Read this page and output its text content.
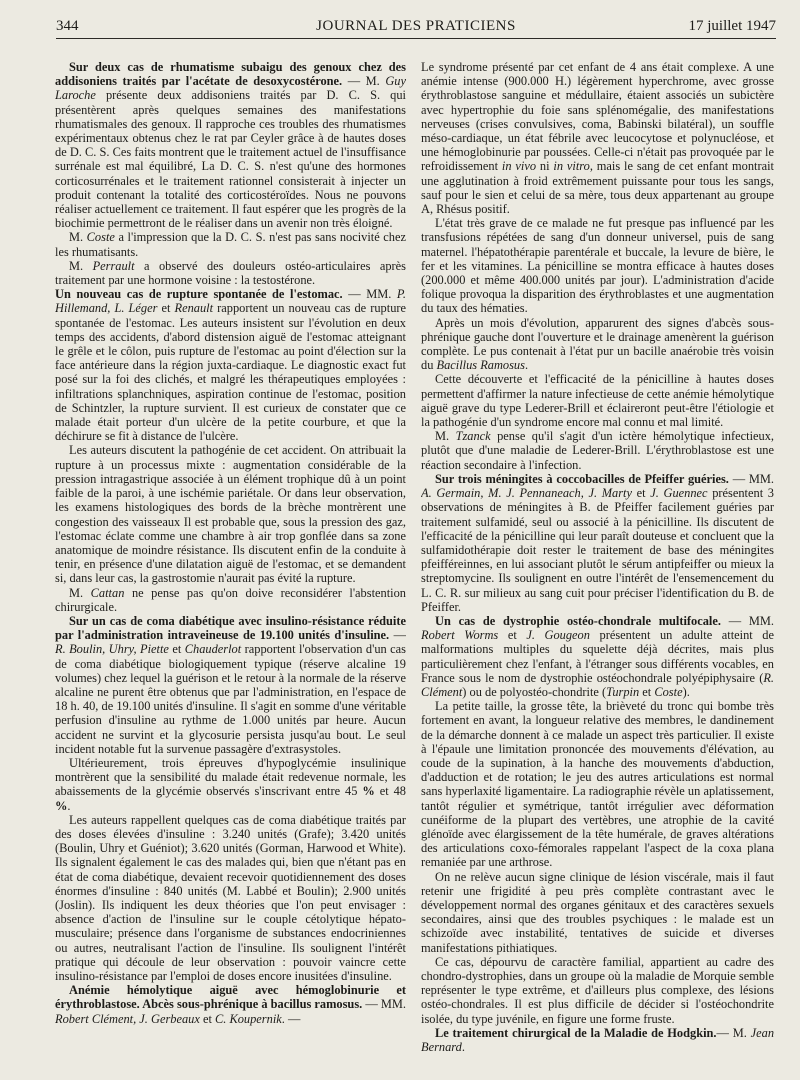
344	JOURNAL DES PRATICIENS	17 juillet 1947

Sur deux cas de rhumatisme subaigu des genoux chez des addisoniens traités par l'acétate de desoxycostérone. — M. Guy Laroche présente deux addisoniens traités par D. C. S. qui présentèrent après quelques semaines des manifestations rhumatismales des genoux. Il rapproche ces troubles des rhumatismes expérimentaux obtenus chez le rat par Ceyler grâce à de hautes doses de D. C. S. Ces faits montrent que le traitement actuel de l'insuffisance surrénale est mal équilibré, La D. C. S. n'est qu'une des hormones corticosurrénales et le traitement rationnel consisterait à injecter un produit contenant la totalité des corticostéroïdes. Nous ne pouvons réaliser actuellement ce traitement. Il faut espérer que les progrès de la biochimie permettront de le réaliser dans un avenir non très éloigné.

M. Coste a l'impression que la D. C. S. n'est pas sans nocivité chez les rhumatisants.

M. Perrault a observé des douleurs ostéo-articulaires après traitement par une hormone voisine : la testostérone.

Un nouveau cas de rupture spontanée de l'estomac. — MM. P. Hillemand, L. Léger et Renault rapportent un nouveau cas de rupture spontanée de l'estomac. Les auteurs insistent sur l'évolution en deux temps des accidents, d'abord distension aiguë de l'estomac atteignant le grêle et le côlon, puis rupture de l'estomac au point d'élection sur la face antérieure dans la région juxta-cardiaque. Le diagnostic exact fut posé sur la foi des clichés, et malgré les thérapeutiques employées : infiltrations splanchniques, aspiration continue de l'estomac, position de Schintzler, la rupture survient. Il est curieux de constater que ce malade était porteur d'un ulcère de la petite courbure, et que la déchirure se fit à distance de l'ulcère.

Les auteurs discutent la pathogénie de cet accident. On attribuait la rupture à un processus mixte : augmentation considérable de la pression intragastrique associée à un élément trophique dû à un point faible de la paroi, à une ischémie pariétale. Or dans leur observation, les examens histologiques des bords de la brèche montrèrent une congestion des vaisseaux Il est probable que, sous la pression des gaz, l'estomac éclate comme une chambre à air trop gonflée dans sa zone anatomique de moindre résistance. Ils discutent enfin de la conduite à tenir, en présence d'une dilatation aiguë de l'estomac, et se demandent si, dans leur cas, la gastrostomie n'aurait pas évité la rupture.

M. Cattan ne pense pas qu'on doive reconsidérer l'abstention chirurgicale.

Sur un cas de coma diabétique avec insulino-résistance réduite par l'administration intraveineuse de 19.100 unités d'insuline. — R. Boulin, Uhry, Piette et Chauderlot rapportent l'observation d'un cas de coma diabétique biologiquement typique (réserve alcaline 19 volumes) chez lequel la guérison et le retour à la normale de la réserve alcaline ne purent être obtenus que par l'administration, en l'espace de 18 h. 40, de 19.100 unités d'insuline. Il s'agit en somme d'une véritable perfusion d'insuline au rythme de 1.000 unités par heure. Aucun accident ne survint et la glycosurie persista jusqu'au bout. Le seul incident notable fut la survenue passagère d'extrasystoles.

Ultérieurement, trois épreuves d'hypoglycémie insulinique montrèrent que la sensibilité du malade était redevenue normale, les abaissements de la glycémie observés s'inscrivant entre 45 % et 48 %.

Les auteurs rappellent quelques cas de coma diabétique traités par des doses élevées d'insuline : 3.240 unités (Grafe); 3.420 unités (Boulin, Uhry et Guéniot); 3.620 unités (Gorman, Harwood et White). Ils signalent également le cas des malades qui, bien que n'étant pas en état de coma diabétique, devaient recevoir quotidiennement des doses énormes d'insuline : 840 unités (M. Labbé et Boulin); 2.900 unités (Joslin). Ils indiquent les deux théories que l'on peut envisager : absence d'action de l'insuline sur le couple cétolytique hépato-musculaire; présence dans l'organisme de substances endocriniennes ou autres, neutralisant l'action de l'insuline. Ils soulignent l'intérêt pratique qui découle de leur observation : pouvoir vaincre cette insulino-résistance par l'emploi de doses encore inusitées d'insuline.

Anémie hémolytique aiguë avec hémoglobinurie et érythroblastose. Abcès sous-phrénique à bacillus ramosus. — MM. Robert Clément, J. Gerbeaux et C. Koupernik. —

Le syndrome présenté par cet enfant de 4 ans était complexe. A une anémie intense (900.000 H.) légèrement hyperchrome, avec grosse érythroblastose sanguine et médullaire, étaient associés un subictère avec hypertrophie du foie sans splénomégalie, des manifestations nerveuses (crises convulsives, coma, Babinski bilatéral), un souffle méso-cardiaque, un état fébrile avec leucocytose et polynucléose, et une hémoglobinurie par poussées. Celle-ci n'était pas provoquée par le refroidissement in vivo ni in vitro, mais le sang de cet enfant montrait une agglutination à froid extrêmement puissante pour tous les sangs, sauf pour le sien et celui de sa mère, tous deux appartenant au groupe A, Rhésus positif.

L'état très grave de ce malade ne fut presque pas influencé par les transfusions répétées de sang d'un donneur universel, puis de sang maternel. l'hépatothérapie parentérale et buccale, la levure de bière, le fer et les vitamines. La pénicilline se montra efficace à hautes doses (200.000 et même 400.000 unités par jour). L'administration d'acide folique provoqua la disparition des érythroblastes et une augmentation du taux des hématies.

Après un mois d'évolution, apparurent des signes d'abcès sous-phrénique gauche dont l'ouverture et le drainage amenèrent la guérison complète. Le pus contenait à l'état pur un bacille anaérobie très voisin du Bacillus Ramosus.

Cette découverte et l'efficacité de la pénicilline à hautes doses permettent d'affirmer la nature infectieuse de cette anémie hémolytique aiguë grave du type Lederer-Brill et éclaireront peut-être l'étiologie et la pathogénie d'un syndrome encore mal connu et mal limité.

M. Tzanck pense qu'il s'agit d'un ictère hémolytique infectieux, plutôt que d'une maladie de Lederer-Brill. L'érythroblastose est une réaction secondaire à l'infection.

Sur trois méningites à coccobacilles de Pfeiffer guéries. — MM. A. Germain, M. J. Pennaneach, J. Marty et J. Guennec présentent 3 observations de méningites à B. de Pfeiffer facilement guéries par traitement sulfamidé, seul ou associé à la pénicilline. Ils discutent de l'efficacité de la pénicilline qui leur paraît douteuse et concluent que la sulfamidothérapie doit rester le traitement de base des méningites pfeifféreinnes, en lui associant plutôt le sérum antipfeiffer ou mieux la streptomycine. Ils soulignent en outre l'intérêt de l'ensemencement du L. C. R. sur milieux au sang cuit pour préciser l'identification du B. de Pfeiffer.

Un cas de dystrophie ostéo-chondrale multifocale. — MM. Robert Worms et J. Gougeon présentent un adulte atteint de malformations multiples du squelette déjà décrites, mais plus particulièrement chez l'enfant, à l'étranger sous différents vocables, en France sous le nom de dystrophie ostéochondrale polyépiphysaire (R. Clément) ou de polyostéo-chondrite (Turpin et Coste).

La petite taille, la grosse tête, la brièveté du tronc qui bombe très fortement en avant, la longueur relative des membres, le dandinement de la démarche donnent à ce malade un aspect très particulier. Il existe à l'épaule une limitation prononcée des mouvements d'élévation, au coude de la supination, à la hanche des mouvements d'abduction, d'adduction et de rotation; le jeu des autres articulations est normal sans hyperlaxité ligamentaire. La radiographie révèle un aplatissement, tantôt régulier et symétrique, tantôt irrégulier avec déformation cunéiforme de la plupart des vertèbres, une atrophie de la cavité glénoïde avec élargissement de la tête humérale, de graves altérations des articulations coxo-fémorales rappelant l'aspect de la coxa plana remaniée par une arthrose.

On ne relève aucun signe clinique de lésion viscérale, mais il faut retenir une frigidité à peu près complète contrastant avec le développement normal des organes génitaux et des caractères sexuels secondaires, ainsi que des troubles psychiques : le malade est un schizoïde avec instabilité, tentatives de suicide et diverses manifestations pithiatiques.

Ce cas, dépourvu de caractère familial, appartient au cadre des chondro-dystrophies, dans un groupe où la maladie de Morquie semble représenter le type extrême, et d'ailleurs plus complexe, des lésions ostéo-chondrales. Il est plus difficile de décider si l'ostéochondrite isolée, du type juvénile, en figure une forme fruste.

Le traitement chirurgical de la Maladie de Hodgkin.— M. Jean Bernard.
